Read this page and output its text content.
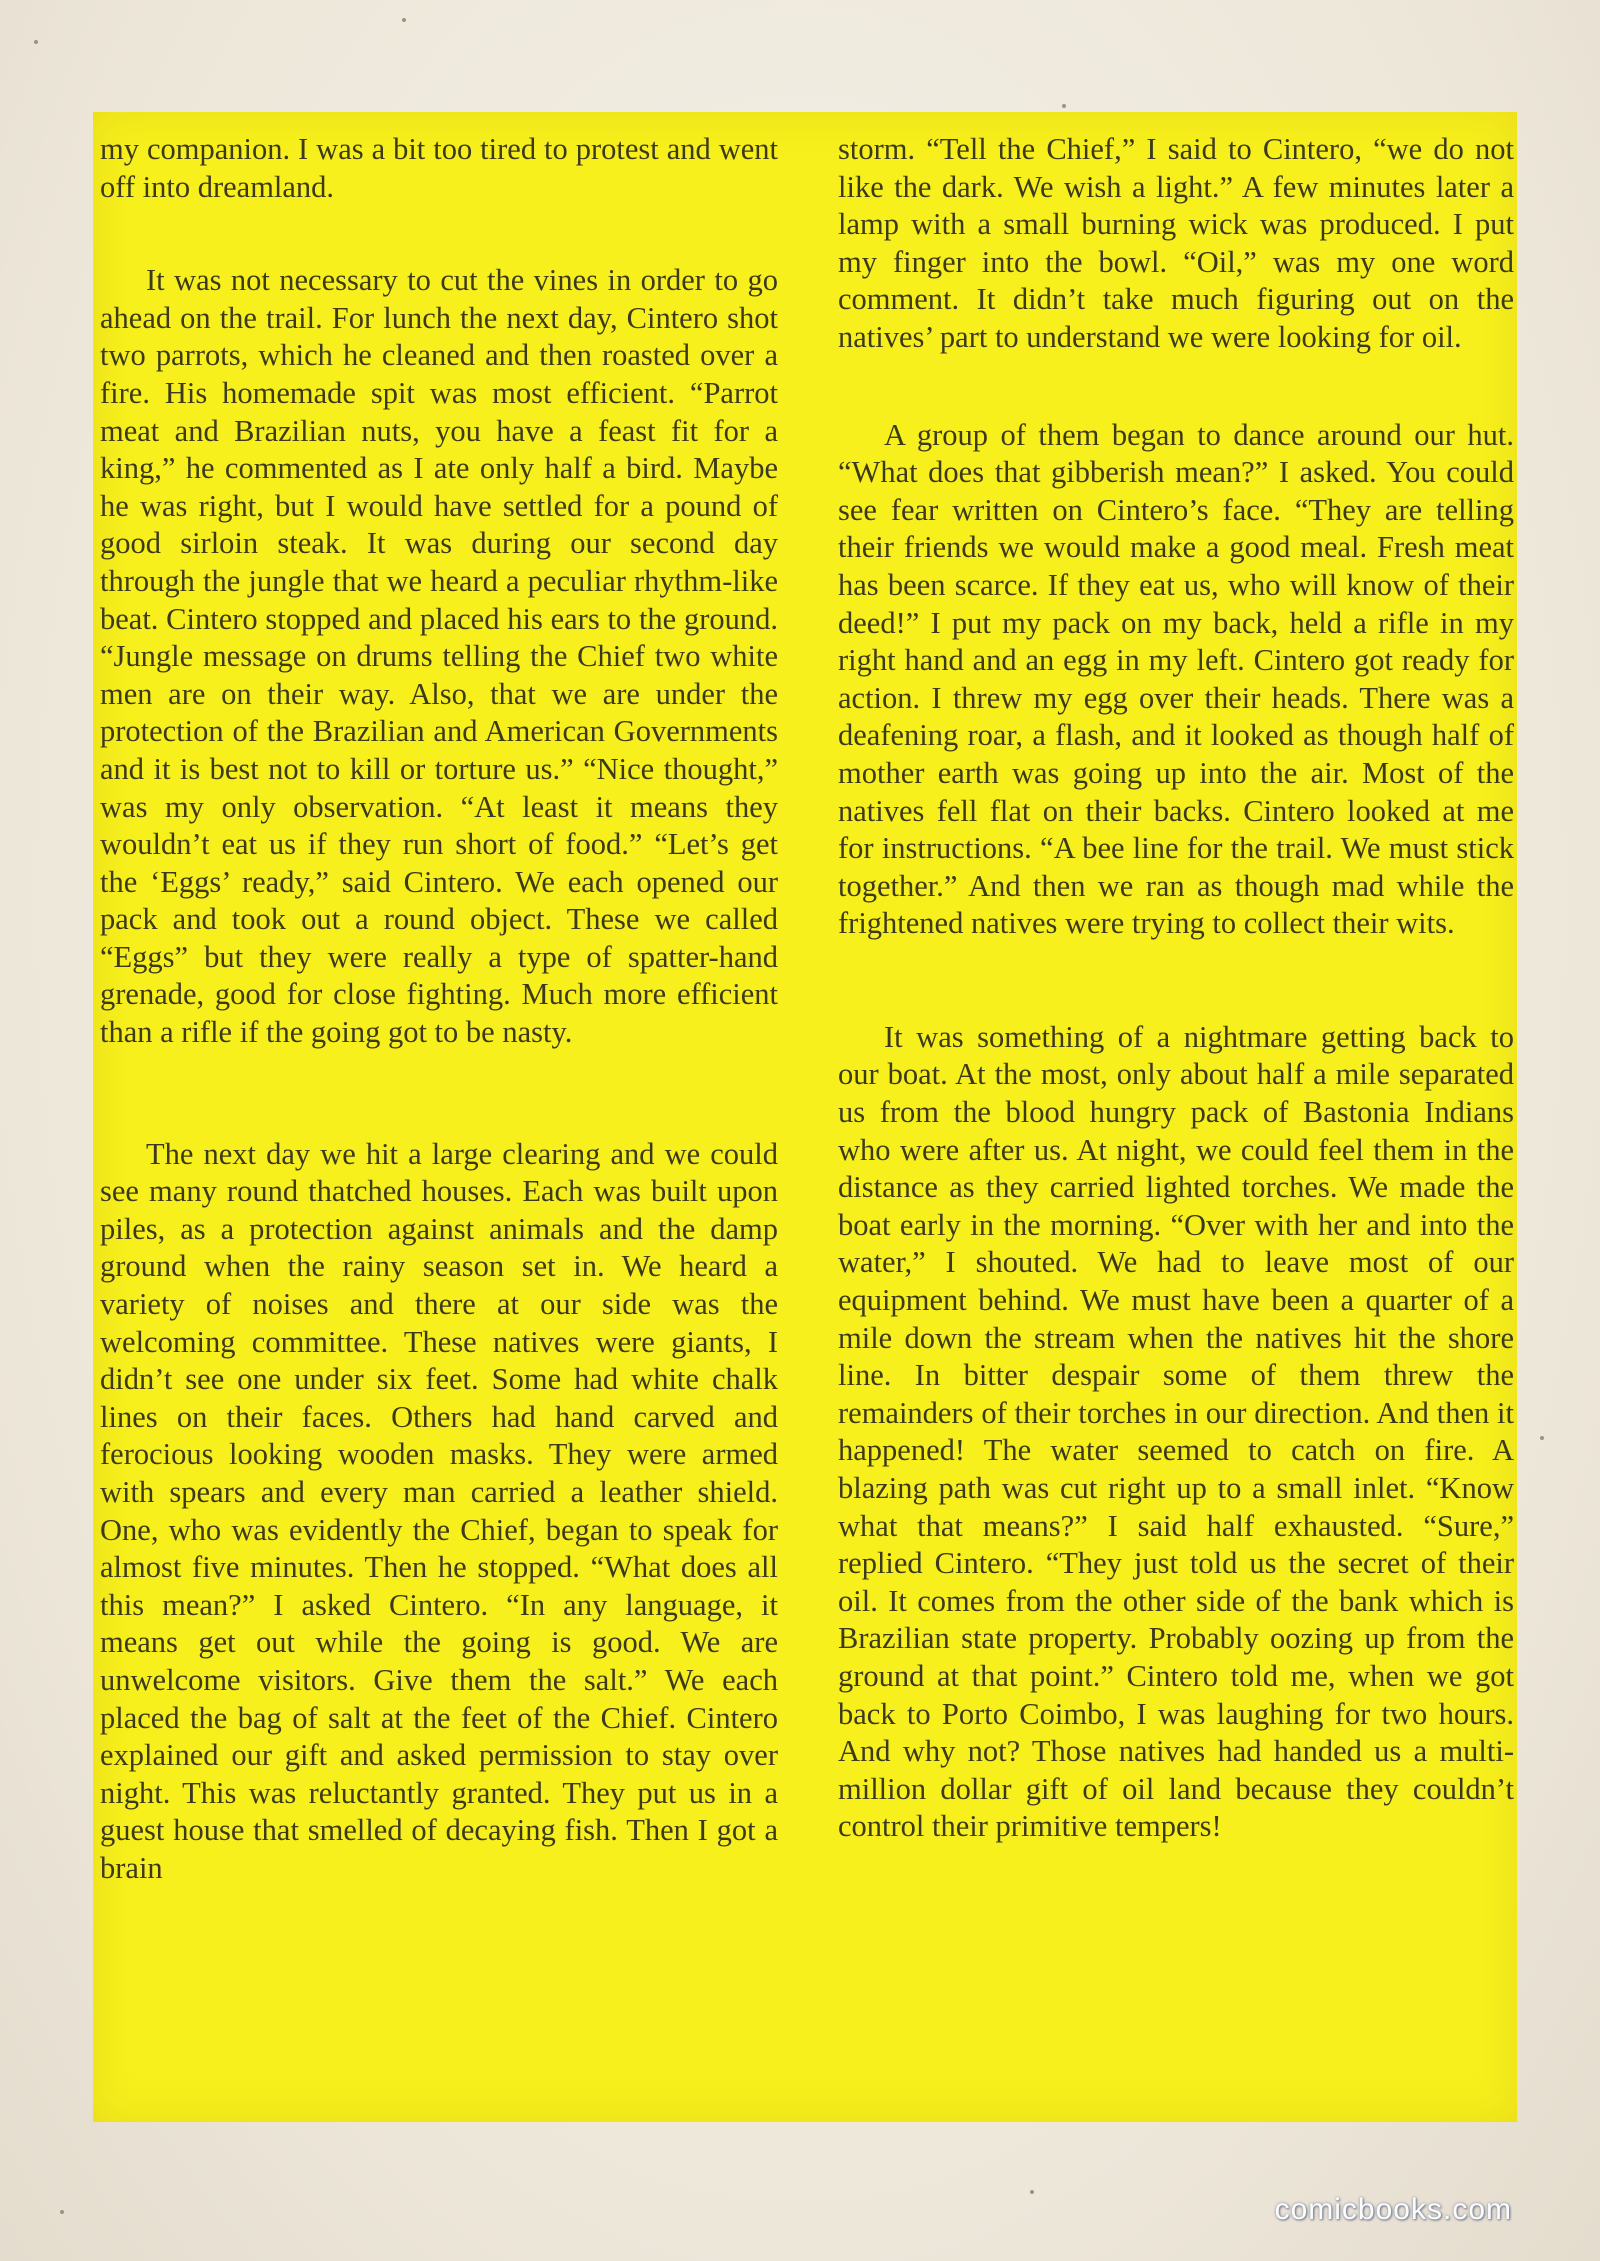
my companion. I was a bit too tired to protest and went off into dreamland.

It was not necessary to cut the vines in order to go ahead on the trail. For lunch the next day, Cintero shot two parrots, which he cleaned and then roasted over a fire. His homemade spit was most efficient. “Parrot meat and Brazilian nuts, you have a feast fit for a king,” he commented as I ate only half a bird. Maybe he was right, but I would have settled for a pound of good sirloin steak. It was during our second day through the jungle that we heard a peculiar rhythm-like beat. Cintero stopped and placed his ears to the ground. “Jungle message on drums telling the Chief two white men are on their way. Also, that we are under the protection of the Brazilian and American Governments and it is best not to kill or torture us.” “Nice thought,” was my only observation. “At least it means they wouldn’t eat us if they run short of food.” “Let’s get the ‘Eggs’ ready,” said Cintero. We each opened our pack and took out a round object. These we called “Eggs” but they were really a type of spatter-hand grenade, good for close fighting. Much more efficient than a rifle if the going got to be nasty.

The next day we hit a large clearing and we could see many round thatched houses. Each was built upon piles, as a protection against animals and the damp ground when the rainy season set in. We heard a variety of noises and there at our side was the welcoming committee. These natives were giants, I didn’t see one under six feet. Some had white chalk lines on their faces. Others had hand carved and ferocious looking wooden masks. They were armed with spears and every man carried a leather shield. One, who was evidently the Chief, began to speak for almost five minutes. Then he stopped. “What does all this mean?” I asked Cintero. “In any language, it means get out while the going is good. We are unwelcome visitors. Give them the salt.” We each placed the bag of salt at the feet of the Chief. Cintero explained our gift and asked permission to stay over night. This was reluctantly granted. They put us in a guest house that smelled of decaying fish. Then I got a brain

storm. “Tell the Chief,” I said to Cintero, “we do not like the dark. We wish a light.” A few minutes later a lamp with a small burning wick was produced. I put my finger into the bowl. “Oil,” was my one word comment. It didn’t take much figuring out on the natives’ part to understand we were looking for oil.

A group of them began to dance around our hut. “What does that gibberish mean?” I asked. You could see fear written on Cintero’s face. “They are telling their friends we would make a good meal. Fresh meat has been scarce. If they eat us, who will know of their deed!” I put my pack on my back, held a rifle in my right hand and an egg in my left. Cintero got ready for action. I threw my egg over their heads. There was a deafening roar, a flash, and it looked as though half of mother earth was going up into the air. Most of the natives fell flat on their backs. Cintero looked at me for instructions. “A bee line for the trail. We must stick together.” And then we ran as though mad while the frightened natives were trying to collect their wits.

It was something of a nightmare getting back to our boat. At the most, only about half a mile separated us from the blood hungry pack of Bastonia Indians who were after us. At night, we could feel them in the distance as they carried lighted torches. We made the boat early in the morning. “Over with her and into the water,” I shouted. We had to leave most of our equipment behind. We must have been a quarter of a mile down the stream when the natives hit the shore line. In bitter despair some of them threw the remainders of their torches in our direction. And then it happened! The water seemed to catch on fire. A blazing path was cut right up to a small inlet. “Know what that means?” I said half exhausted. “Sure,” replied Cintero. “They just told us the secret of their oil. It comes from the other side of the bank which is Brazilian state property. Probably oozing up from the ground at that point.” Cintero told me, when we got back to Porto Coimbo, I was laughing for two hours. And why not? Those natives had handed us a multi-million dollar gift of oil land because they couldn’t control their primitive tempers!

comicbooks.com
